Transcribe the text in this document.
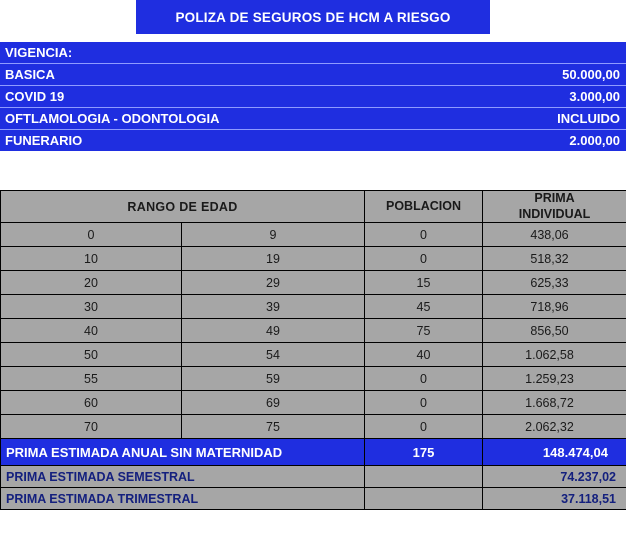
	POLIZA DE SEGUROS DE HCM A RIESGO	
VIGENCIA:	
BASICA	50.000,00
COVID 19	3.000,00
OFTLAMOLOGIA - ODONTOLOGIA	INCLUIDO
FUNERARIO	2.000,00
RANGO DE EDAD		POBLACION	PRIMA
INDIVIDUAL

0	9	0	438,06
10	19	0	518,32
20	29	15	625,33
30	39	45	718,96
40	49	75	856,50
50	54	40	1.062,58
55	59	0	1.259,23
60	69	0	1.668,72
70	75	0	2.062,32
PRIMA ESTIMADA ANUAL SIN MATERNIDAD		175	148.474,04
PRIMA ESTIMADA SEMESTRAL			74.237,02
PRIMA ESTIMADA TRIMESTRAL			37.118,51
